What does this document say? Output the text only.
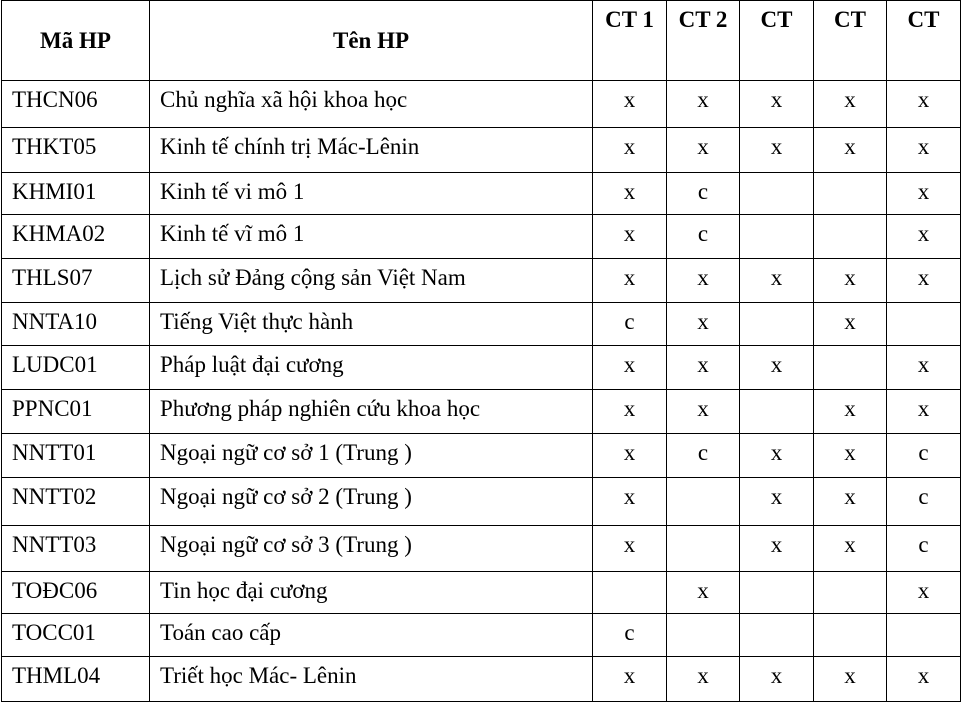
Mã HP	Tên HP	CT 1	CT 2	CT	CT	CT
THCN06	Chủ nghĩa xã hội khoa học	x	x	x	x	x
THKT05	Kinh tế chính trị Mác-Lênin	x	x	x	x	x
KHMI01	Kinh tế vi mô 1	x	c			x
KHMA02	Kinh tế vĩ mô 1	x	c			x
THLS07	Lịch sử Đảng cộng sản Việt Nam	x	x	x	x	x
NNTA10	Tiếng Việt thực hành	c	x		x	
LUDC01	Pháp luật đại cương	x	x	x		x
PPNC01	Phương pháp nghiên cứu khoa học	x	x		x	x
NNTT01	Ngoại ngữ cơ sở 1 (Trung )	x	c	x	x	c
NNTT02	Ngoại ngữ cơ sở 2 (Trung )	x		x	x	c
NNTT03	Ngoại ngữ cơ sở 3 (Trung )	x		x	x	c
TOĐC06	Tin học đại cương		x			x
TOCC01	Toán cao cấp	c				
THML04	Triết học Mác- Lênin	x	x	x	x	x
